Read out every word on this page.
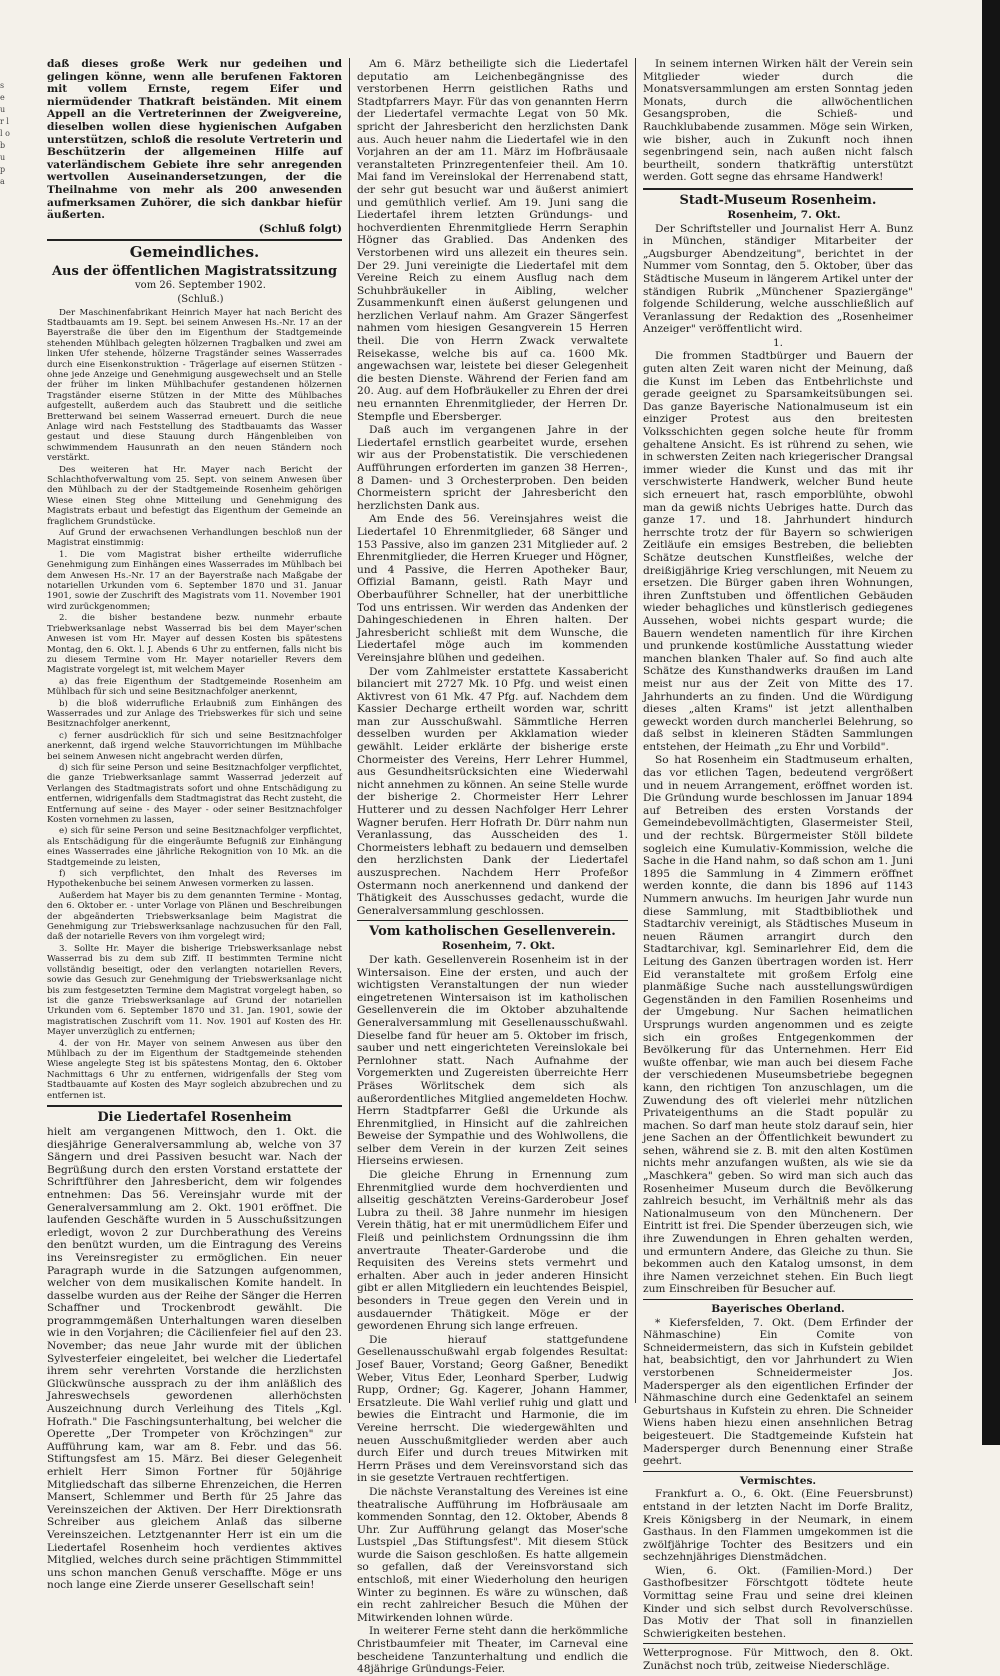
s e u r l l o b u p a

daß dieses große Werk nur gedeihen und gelingen könne, wenn alle berufenen Faktoren mit vollem Ernste, regem Eifer und niermüdender Thatkraft beiständen. Mit einem Appell an die Vertreterinnen der Zweigvereine, dieselben wollen diese hygienischen Aufgaben unterstützen, schloß die resolute Vertreterin und Beschützerin der allgemeinen Hilfe auf vaterländischem Gebiete ihre sehr anregenden wertvollen Auseinandersetzungen, der die Theilnahme von mehr als 200 anwesenden aufmerksamen Zuhörer, die sich dankbar hiefür äußerten.

(Schluß folgt)

Gemeindliches.
Aus der öffentlichen Magistratssitzung

vom 26. September 1902.

(Schluß.)

Der Maschinenfabrikant Heinrich Mayer hat nach Bericht des Stadtbauamts am 19. Sept. bei seinem Anwesen Hs.-Nr. 17 an der Bayerstraße die über den im Eigenthum der Stadtgemeinde stehenden Mühlbach gelegten hölzernen Tragbalken und zwei am linken Ufer stehende, hölzerne Tragständer seines Wasserrades durch eine Eisenkonstruktion - Trägerlage auf eisernen Stützen - ohne jede Anzeige und Genehmigung ausgewechselt und an Stelle der früher im linken Mühlbachufer gestandenen hölzernen Tragständer eiserne Stützen in der Mitte des Mühlbaches aufgestellt, außerdem auch das Staubrett und die seitliche Bretterwand bei seinem Wasserrad erneuert. Durch die neue Anlage wird nach Feststellung des Stadtbauamts das Wasser gestaut und diese Stauung durch Hängenbleiben von schwimmendem Hausunrath an den neuen Ständern noch verstärkt.

Des weiteren hat Hr. Mayer nach Bericht der Schlachthofverwaltung vom 25. Sept. von seinem Anwesen über den Mühlbach zu der der Stadtgemeinde Rosenheim gehörigen Wiese einen Steg ohne Mitteilung und Genehmigung des Magistrats erbaut und befestigt das Eigenthum der Gemeinde an fraglichem Grundstücke.

Auf Grund der erwachsenen Verhandlungen beschloß nun der Magistrat einstimmig:

1. Die vom Magistrat bisher ertheilte widerrufliche Genehmigung zum Einhängen eines Wasserrades im Mühlbach bei dem Anwesen Hs.-Nr. 17 an der Bayerstraße nach Maßgabe der notariellen Urkunden vom 6. September 1870 und 31. Januar 1901, sowie der Zuschrift des Magistrats vom 11. November 1901 wird zurückgenommen;

2. die bisher bestandene bezw. nunmehr erbaute Triebwerksanlage nebst Wasserrad bis bei dem Mayer'schen Anwesen ist vom Hr. Mayer auf dessen Kosten bis spätestens Montag, den 6. Okt. l. J. Abends 6 Uhr zu entfernen, falls nicht bis zu diesem Termine vom Hr. Mayer notarieller Revers dem Magistrate vorgelegt ist, mit welchem Mayer

a) das freie Eigenthum der Stadtgemeinde Rosenheim am Mühlbach für sich und seine Besitznachfolger anerkennt,

b) die bloß widerrufliche Erlaubniß zum Einhängen des Wasserrades und zur Anlage des Triebswerkes für sich und seine Besitznachfolger anerkennt,

c) ferner ausdrücklich für sich und seine Besitznachfolger anerkennt, daß irgend welche Stauvorrichtungen im Mühlbache bei seinem Anwesen nicht angebracht werden dürfen,

d) sich für seine Person und seine Besitznachfolger verpflichtet, die ganze Triebwerksanlage sammt Wasserrad jederzeit auf Verlangen des Stadtmagistrats sofort und ohne Entschädigung zu entfernen, widrigenfalls dem Stadtmagistrat das Recht zusteht, die Entfernung auf seine - des Mayer - oder seiner Besitznachfolger Kosten vornehmen zu lassen,

e) sich für seine Person und seine Besitznachfolger verpflichtet, als Entschädigung für die eingeräumte Befugniß zur Einhängung eines Wasserrades eine jährliche Rekognition von 10 Mk. an die Stadtgemeinde zu leisten,

f) sich verpflichtet, den Inhalt des Reverses im Hypothekenbuche bei seinem Anwesen vormerken zu lassen.

Außerdem hat Mayer bis zu dem genannten Termine - Montag, den 6. Oktober er. - unter Vorlage von Plänen und Beschreibungen der abgeänderten Triebswerksanlage beim Magistrat die Genehmigung zur Triebswerksanlage nachzusuchen für den Fall, daß der notarielle Revers von ihm vorgelegt wird;

3. Sollte Hr. Mayer die bisherige Triebswerksanlage nebst Wasserrad bis zu dem sub Ziff. II bestimmten Termine nicht vollständig beseitigt, oder den verlangten notariellen Revers, sowie das Gesuch zur Genehmigung der Triebswerksanlage nicht bis zum festgesetzten Termine dem Magistrat vorgelegt haben, so ist die ganze Triebswerksanlage auf Grund der notariellen Urkunden vom 6. September 1870 und 31. Jan. 1901, sowie der magistratischen Zuschrift vom 11. Nov. 1901 auf Kosten des Hr. Mayer unverzüglich zu entfernen;

4. der von Hr. Mayer von seinem Anwesen aus über den Mühlbach zu der im Eigenthum der Stadtgemeinde stehenden Wiese angelegte Steg ist bis spätestens Montag, den 6. Oktober Nachmittags 6 Uhr zu entfernen, widrigenfalls der Steg vom Stadtbauamte auf Kosten des Mayr sogleich abzubrechen und zu entfernen ist.

Die Liedertafel Rosenheim

hielt am vergangenen Mittwoch, den 1. Okt. die diesjährige Generalversammlung ab, welche von 37 Sängern und drei Passiven besucht war. Nach der Begrüßung durch den ersten Vorstand erstattete der Schriftführer den Jahresbericht, dem wir folgendes entnehmen: Das 56. Vereinsjahr wurde mit der Generalversammlung am 2. Okt. 1901 eröffnet. Die laufenden Geschäfte wurden in 5 Ausschußsitzungen erledigt, wovon 2 zur Durchberathung des Vereins den benützt wurden, um die Eintragung des Vereins ins Vereinsregister zu ermöglichen. Ein neuer Paragraph wurde in die Satzungen aufgenommen, welcher von dem musikalischen Komite handelt. In dasselbe wurden aus der Reihe der Sänger die Herren Schaffner und Trockenbrodt gewählt. Die programmgemäßen Unterhaltungen waren dieselben wie in den Vorjahren; die Cäcilienfeier fiel auf den 23. November; das neue Jahr wurde mit der üblichen Sylvesterfeier eingeleitet, bei welcher die Liedertafel ihrem sehr verehrten Vorstande die herzlichsten Glückwünsche aussprach zu der ihm anläßlich des Jahreswechsels gewordenen allerhöchsten Auszeichnung durch Verleihung des Titels „Kgl. Hofrath." Die Faschingsunterhaltung, bei welcher die Operette „Der Trompeter von Kröchzingen" zur Aufführung kam, war am 8. Febr. und das 56. Stiftungsfest am 15. März. Bei dieser Gelegenheit erhielt Herr Simon Fortner für 50jährige Mitgliedschaft das silberne Ehrenzeichen, die Herren Mansert, Schlemmer und Berth für 25 Jahre das Vereinszeichen der Aktiven. Der Herr Direktionsrath Schreiber aus gleichem Anlaß das silberne Vereinszeichen. Letztgenannter Herr ist ein um die Liedertafel Rosenheim hoch verdientes aktives Mitglied, welches durch seine prächtigen Stimmmittel uns schon manchen Genuß verschaffte. Möge er uns noch lange eine Zierde unserer Gesellschaft sein!

Am 6. März betheiligte sich die Liedertafel deputatio am Leichenbegängnisse des verstorbenen Herrn geistlichen Raths und Stadtpfarrers Mayr. Für das von genannten Herrn der Liedertafel vermachte Legat von 50 Mk. spricht der Jahresbericht den herzlichsten Dank aus. Auch heuer nahm die Liedertafel wie in den Vorjahren an der am 11. März im Hofbräusaale veranstalteten Prinzregentenfeier theil. Am 10. Mai fand im Vereinslokal der Herrenabend statt, der sehr gut besucht war und äußerst animiert und gemüthlich verlief. Am 19. Juni sang die Liedertafel ihrem letzten Gründungs- und hochverdienten Ehrenmitgliede Herrn Seraphin Högner das Grablied. Das Andenken des Verstorbenen wird uns allezeit ein theures sein. Der 29. Juni vereinigte die Liedertafel mit dem Vereine Reich zu einem Ausflug nach dem Schuhbräukeller in Aibling, welcher Zusammenkunft einen äußerst gelungenen und herzlichen Verlauf nahm. Am Grazer Sängerfest nahmen vom hiesigen Gesangverein 15 Herren theil. Die von Herrn Zwack verwaltete Reisekasse, welche bis auf ca. 1600 Mk. angewachsen war, leistete bei dieser Gelegenheit die besten Dienste. Während der Ferien fand am 20. Aug. auf dem Hofbräukeller zu Ehren der drei neu ernannten Ehrenmitglieder, der Herren Dr. Stempfle und Ebersberger.

Daß auch im vergangenen Jahre in der Liedertafel ernstlich gearbeitet wurde, ersehen wir aus der Probenstatistik. Die verschiedenen Aufführungen erforderten im ganzen 38 Herren-, 8 Damen- und 3 Orchesterproben. Den beiden Chormeistern spricht der Jahresbericht den herzlichsten Dank aus.

Am Ende des 56. Vereinsjahres weist die Liedertafel 10 Ehrenmitglieder, 68 Sänger und 153 Passive, also im ganzen 231 Mitglieder auf. 2 Ehrenmitglieder, die Herren Krueger und Högner, und 4 Passive, die Herren Apotheker Baur, Offizial Bamann, geistl. Rath Mayr und Oberbauführer Schneller, hat der unerbittliche Tod uns entrissen. Wir werden das Andenken der Dahingeschiedenen in Ehren halten. Der Jahresbericht schließt mit dem Wunsche, die Liedertafel möge auch im kommenden Vereinsjahre blühen und gedeihen.

Der vom Zahlmeister erstattete Kassabericht bilanciert mit 2727 Mk. 10 Pfg. und weist einen Aktivrest von 61 Mk. 47 Pfg. auf. Nachdem dem Kassier Decharge ertheilt worden war, schritt man zur Ausschußwahl. Sämmtliche Herren desselben wurden per Akklamation wieder gewählt. Leider erklärte der bisherige erste Chormeister des Vereins, Herr Lehrer Hummel, aus Gesundheitsrücksichten eine Wiederwahl nicht annehmen zu können. An seine Stelle wurde der bisherige 2. Chormeister Herr Lehrer Hutterer und zu dessen Nachfolger Herr Lehrer Wagner berufen. Herr Hofrath Dr. Dürr nahm nun Veranlassung, das Ausscheiden des 1. Chormeisters lebhaft zu bedauern und demselben den herzlichsten Dank der Liedertafel auszusprechen. Nachdem Herr Profeßor Ostermann noch anerkennend und dankend der Thätigkeit des Ausschusses gedacht, wurde die Generalversammlung geschlossen.

Vom katholischen Gesellenverein.

Rosenheim, 7. Okt.

Der kath. Gesellenverein Rosenheim ist in der Wintersaison. Eine der ersten, und auch der wichtigsten Veranstaltungen der nun wieder eingetretenen Wintersaison ist im katholischen Gesellenverein die im Oktober abzuhaltende Generalversammlung mit Gesellenausschußwahl. Dieselbe fand für heuer am 5. Oktober im frisch, sauber und nett eingerichteten Vereinslokale bei Pernlohner statt. Nach Aufnahme der Vorgemerkten und Zugereisten überreichte Herr Präses Wörlitschek dem sich als außerordentliches Mitglied angemeldeten Hochw. Herrn Stadtpfarrer Geßl die Urkunde als Ehrenmitglied, in Hinsicht auf die zahlreichen Beweise der Sympathie und des Wohlwollens, die selber dem Verein in der kurzen Zeit seines Hierseins erwiesen.

Die gleiche Ehrung in Ernennung zum Ehrenmitglied wurde dem hochverdienten und allseitig geschätzten Vereins-Garderobeur Josef Lubra zu theil. 38 Jahre nunmehr im hiesigen Verein thätig, hat er mit unermüdlichem Eifer und Fleiß und peinlichstem Ordnungssinn die ihm anvertraute Theater-Garderobe und die Requisiten des Vereins stets vermehrt und erhalten. Aber auch in jeder anderen Hinsicht gibt er allen Mitgliedern ein leuchtendes Beispiel, besonders in Treue gegen den Verein und in ausdauernder Thätigkeit. Möge er der gewordenen Ehrung sich lange erfreuen.

Die hierauf stattgefundene Gesellenausschußwahl ergab folgendes Resultat: Josef Bauer, Vorstand; Georg Gaßner, Benedikt Weber, Vitus Eder, Leonhard Sperber, Ludwig Rupp, Ordner; Gg. Kagerer, Johann Hammer, Ersatzleute. Die Wahl verlief ruhig und glatt und bewies die Eintracht und Harmonie, die im Vereine herrscht. Die wiedergewählten und neuen Ausschußmitglieder werden aber auch durch Eifer und durch treues Mitwirken mit Herrn Präses und dem Vereinsvorstand sich das in sie gesetzte Vertrauen rechtfertigen.

Die nächste Veranstaltung des Vereines ist eine theatralische Aufführung im Hofbräusaale am kommenden Sonntag, den 12. Oktober, Abends 8 Uhr. Zur Aufführung gelangt das Moser'sche Lustspiel „Das Stiftungsfest". Mit diesem Stück wurde die Saison geschloßen. Es hatte allgemein so gefallen, daß der Vereinsvorstand sich entschloß, mit einer Wiederholung den heurigen Winter zu beginnen. Es wäre zu wünschen, daß ein recht zahlreicher Besuch die Mühen der Mitwirkenden lohnen würde.

In weiterer Ferne steht dann die herkömmliche Christbaumfeier mit Theater, im Carneval eine bescheidene Tanzunterhaltung und endlich die 48jährige Gründungs-Feier.

In seinem internen Wirken hält der Verein sein Mitglieder wieder durch die Monatsversammlungen am ersten Sonntag jeden Monats, durch die allwöchentlichen Gesangsproben, die Schieß- und Rauchklubabende zusammen. Möge sein Wirken, wie bisher, auch in Zukunft noch ihnen segenbringend sein, nach außen nicht falsch beurtheilt, sondern thatkräftig unterstützt werden. Gott segne das ehrsame Handwerk!

Stadt-Museum Rosenheim.

Rosenheim, 7. Okt.

Der Schriftsteller und Journalist Herr A. Bunz in München, ständiger Mitarbeiter der „Augsburger Abendzeitung", berichtet in der Nummer vom Sonntag, den 5. Oktober, über das Städtische Museum in längerem Artikel unter der ständigen Rubrik „Münchener Spaziergänge" folgende Schilderung, welche ausschließlich auf Veranlassung der Redaktion des „Rosenheimer Anzeiger" veröffentlicht wird.

1.

Die frommen Stadtbürger und Bauern der guten alten Zeit waren nicht der Meinung, daß die Kunst im Leben das Entbehrlichste und gerade geeignet zu Sparsamkeitsübungen sei. Das ganze Bayerische Nationalmuseum ist ein einziger Protest aus den breitesten Volksschichten gegen solche heute für fromm gehaltene Ansicht. Es ist rührend zu sehen, wie in schwersten Zeiten nach kriegerischer Drangsal immer wieder die Kunst und das mit ihr verschwisterte Handwerk, welcher Bund heute sich erneuert hat, rasch emporblühte, obwohl man da gewiß nichts Uebriges hatte. Durch das ganze 17. und 18. Jahrhundert hindurch herrschte trotz der für Bayern so schwierigen Zeitläufe ein emsiges Bestreben, die beliebten Schätze deutschen Kunstfleißes, welche der dreißigjährige Krieg verschlungen, mit Neuem zu ersetzen. Die Bürger gaben ihren Wohnungen, ihren Zunftstuben und öffentlichen Gebäuden wieder behagliches und künstlerisch gediegenes Aussehen, wobei nichts gespart wurde; die Bauern wendeten namentlich für ihre Kirchen und prunkende kostümliche Ausstattung wieder manchen blanken Thaler auf. So find auch alte Schätze des Kunsthandwerks draußen im Land meist nur aus der Zeit von Mitte des 17. Jahrhunderts an zu finden. Und die Würdigung dieses „alten Krams" ist jetzt allenthalben geweckt worden durch mancherlei Belehrung, so daß selbst in kleineren Städten Sammlungen entstehen, der Heimath „zu Ehr und Vorbild".

So hat Rosenheim ein Stadtmuseum erhalten, das vor etlichen Tagen, bedeutend vergrößert und in neuem Arrangement, eröffnet worden ist. Die Gründung wurde beschlossen im Januar 1894 auf Betreiben des ersten Vorstands der Gemeindebevollmächtigten, Glasermeister Steil, und der rechtsk. Bürgermeister Stöll bildete sogleich eine Kumulativ-Kommission, welche die Sache in die Hand nahm, so daß schon am 1. Juni 1895 die Sammlung in 4 Zimmern eröffnet werden konnte, die dann bis 1896 auf 1143 Nummern anwuchs. Im heurigen Jahr wurde nun diese Sammlung, mit Stadtbibliothek und Stadtarchiv vereinigt, als Städtisches Museum in neuen Räumen arrangirt durch den Stadtarchivar, kgl. Seminarlehrer Eid, dem die Leitung des Ganzen übertragen worden ist. Herr Eid veranstaltete mit großem Erfolg eine planmäßige Suche nach ausstellungswürdigen Gegenständen in den Familien Rosenheims und der Umgebung. Nur Sachen heimatlichen Ursprungs wurden angenommen und es zeigte sich ein großes Entgegenkommen der Bevölkerung für das Unternehmen. Herr Eid wußte offenbar, wie man auch bei diesem Fache der verschiedenen Museumsbetriebe begegnen kann, den richtigen Ton anzuschlagen, um die Zuwendung des oft vielerlei mehr nützlichen Privateigenthums an die Stadt populär zu machen. So darf man heute stolz darauf sein, hier jene Sachen an der Öffentlichkeit bewundert zu sehen, während sie z. B. mit den alten Kostümen nichts mehr anzufangen wußten, als wie sie da „Maschkera" geben. So wird man sich auch das Rosenheimer Museum durch die Bevölkerung zahlreich besucht, im Verhältniß mehr als das Nationalmuseum von den Münchenern. Der Eintritt ist frei. Die Spender überzeugen sich, wie ihre Zuwendungen in Ehren gehalten werden, und ermuntern Andere, das Gleiche zu thun. Sie bekommen auch den Katalog umsonst, in dem ihre Namen verzeichnet stehen. Ein Buch liegt zum Einschreiben für Besucher auf.

Bayerisches Oberland.

* Kiefersfelden, 7. Okt. (Dem Erfinder der Nähmaschine) Ein Comite von Schneidermeistern, das sich in Kufstein gebildet hat, beabsichtigt, den vor Jahrhundert zu Wien verstorbenen Schneidermeister Jos. Madersperger als den eigentlichen Erfinder der Nähmaschine durch eine Gedenktafel an seinem Geburtshaus in Kufstein zu ehren. Die Schneider Wiens haben hiezu einen ansehnlichen Betrag beigesteuert. Die Stadtgemeinde Kufstein hat Madersperger durch Benennung einer Straße geehrt.

Vermischtes.

Frankfurt a. O., 6. Okt. (Eine Feuersbrunst) entstand in der letzten Nacht im Dorfe Bralitz, Kreis Königsberg in der Neumark, in einem Gasthaus. In den Flammen umgekommen ist die zwölfjährige Tochter des Besitzers und ein sechzehnjähriges Dienstmädchen.

Wien, 6. Okt. (Familien-Mord.) Der Gasthofbesitzer Förschtgott tödtete heute Vormittag seine Frau und seine drei kleinen Kinder und sich selbst durch Revolverschüsse. Das Motiv der That soll in finanziellen Schwierigkeiten bestehen.

Wetterprognose. Für Mittwoch, den 8. Okt. Zunächst noch trüb, zeitweise Niederschläge.
